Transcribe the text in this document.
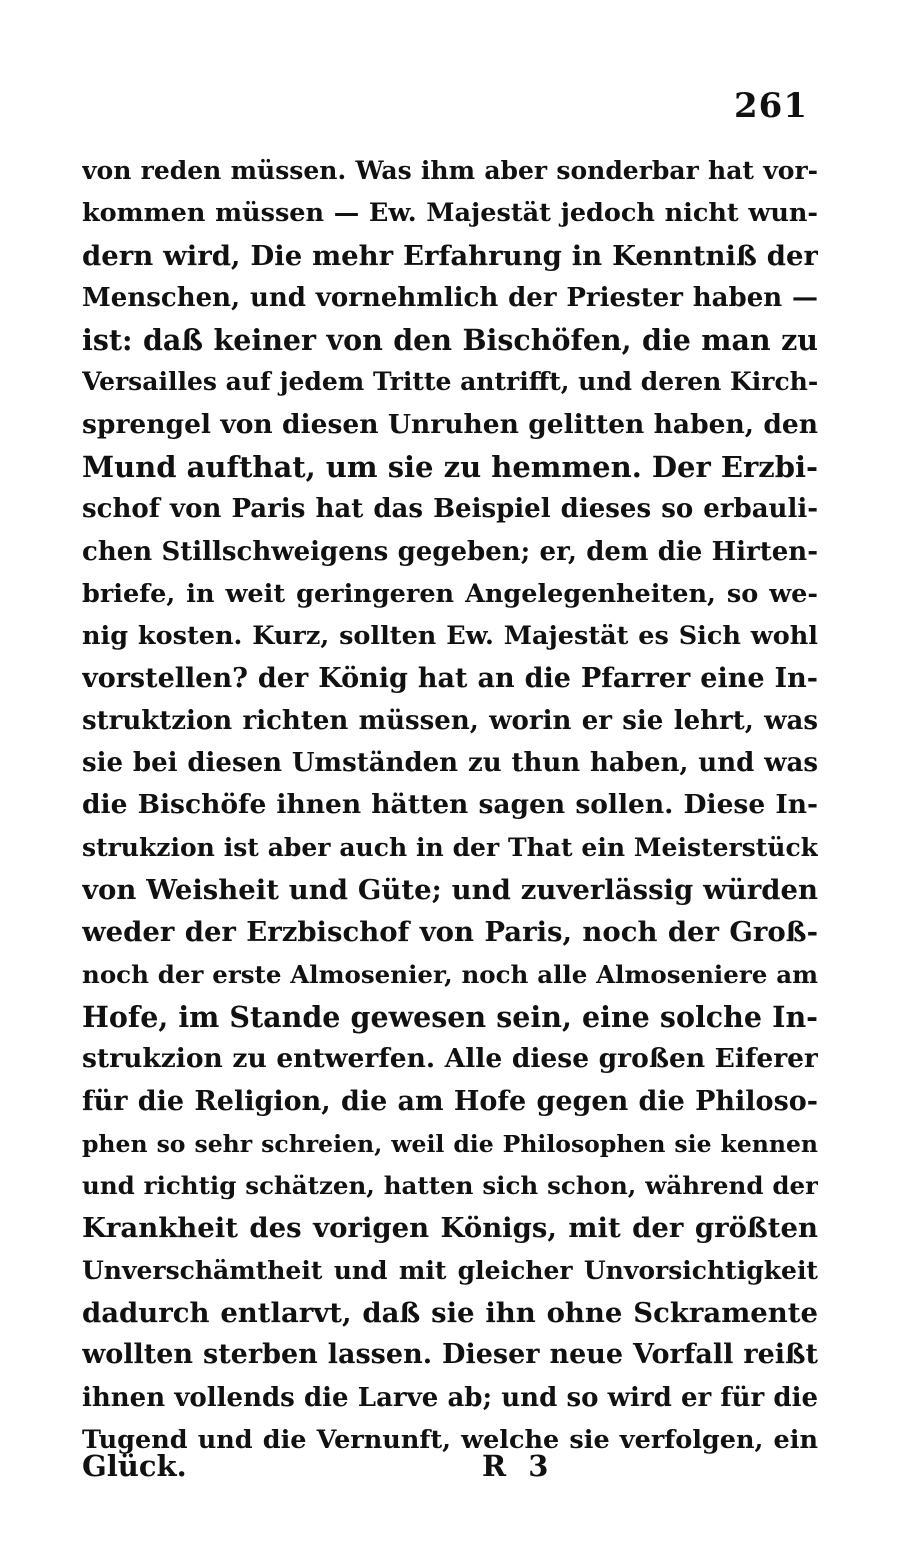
261
von reden müssen. Was ihm aber sonderbar hat vor-
kommen müssen — Ew. Majestät jedoch nicht wun-
dern wird, Die mehr Erfahrung in Kenntniß der
Menschen, und vornehmlich der Priester haben —
ist: daß keiner von den Bischöfen, die man zu
Versailles auf jedem Tritte antrifft, und deren Kirch-
sprengel von diesen Unruhen gelitten haben, den
Mund aufthat, um sie zu hemmen. Der Erzbi-
schof von Paris hat das Beispiel dieses so erbauli-
chen Stillschweigens gegeben; er, dem die Hirten-
briefe, in weit geringeren Angelegenheiten, so we-
nig kosten. Kurz, sollten Ew. Majestät es Sich wohl
vorstellen? der König hat an die Pfarrer eine In-
struktzion richten müssen, worin er sie lehrt, was
sie bei diesen Umständen zu thun haben, und was
die Bischöfe ihnen hätten sagen sollen. Diese In-
strukzion ist aber auch in der That ein Meisterstück
von Weisheit und Güte; und zuverlässig würden
weder der Erzbischof von Paris, noch der Groß-
noch der erste Almosenier, noch alle Almoseniere am
Hofe, im Stande gewesen sein, eine solche In-
strukzion zu entwerfen. Alle diese großen Eiferer
für die Religion, die am Hofe gegen die Philoso-
phen so sehr schreien, weil die Philosophen sie kennen
und richtig schätzen, hatten sich schon, während der
Krankheit des vorigen Königs, mit der größten
Unverschämtheit und mit gleicher Unvorsichtigkeit
dadurch entlarvt, daß sie ihn ohne Sckramente
wollten sterben lassen. Dieser neue Vorfall reißt
ihnen vollends die Larve ab; und so wird er für die
Tugend und die Vernunft, welche sie verfolgen, ein
Glück.	R 3
